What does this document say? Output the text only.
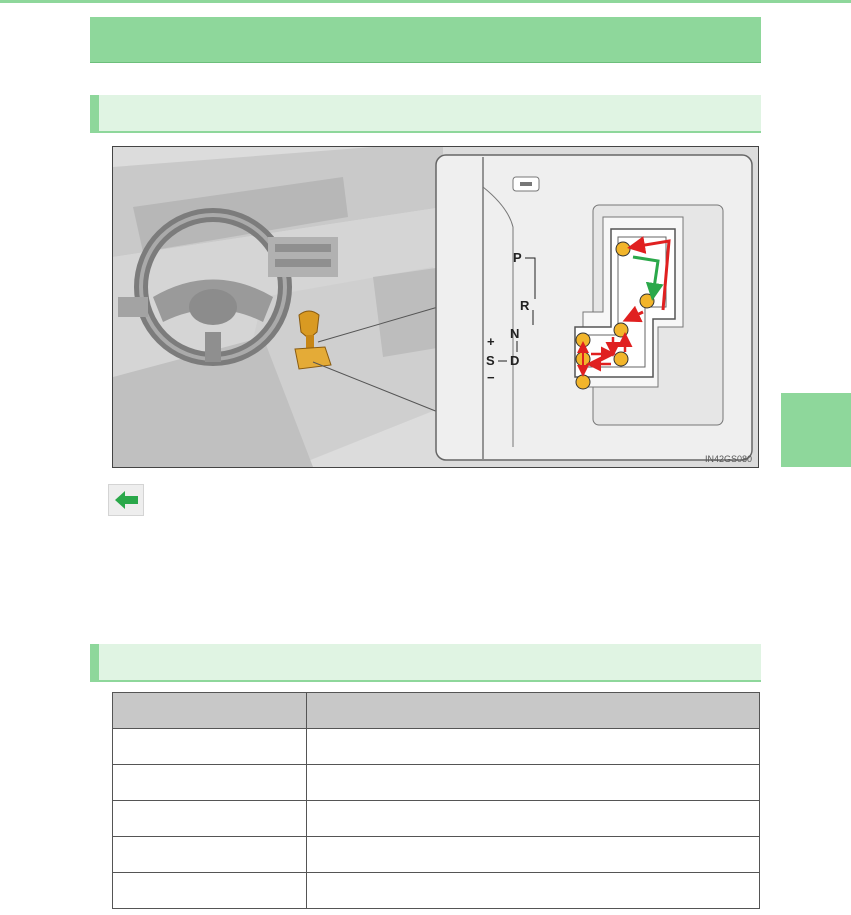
P
R
N
D
S
+
−
IN42GS080
